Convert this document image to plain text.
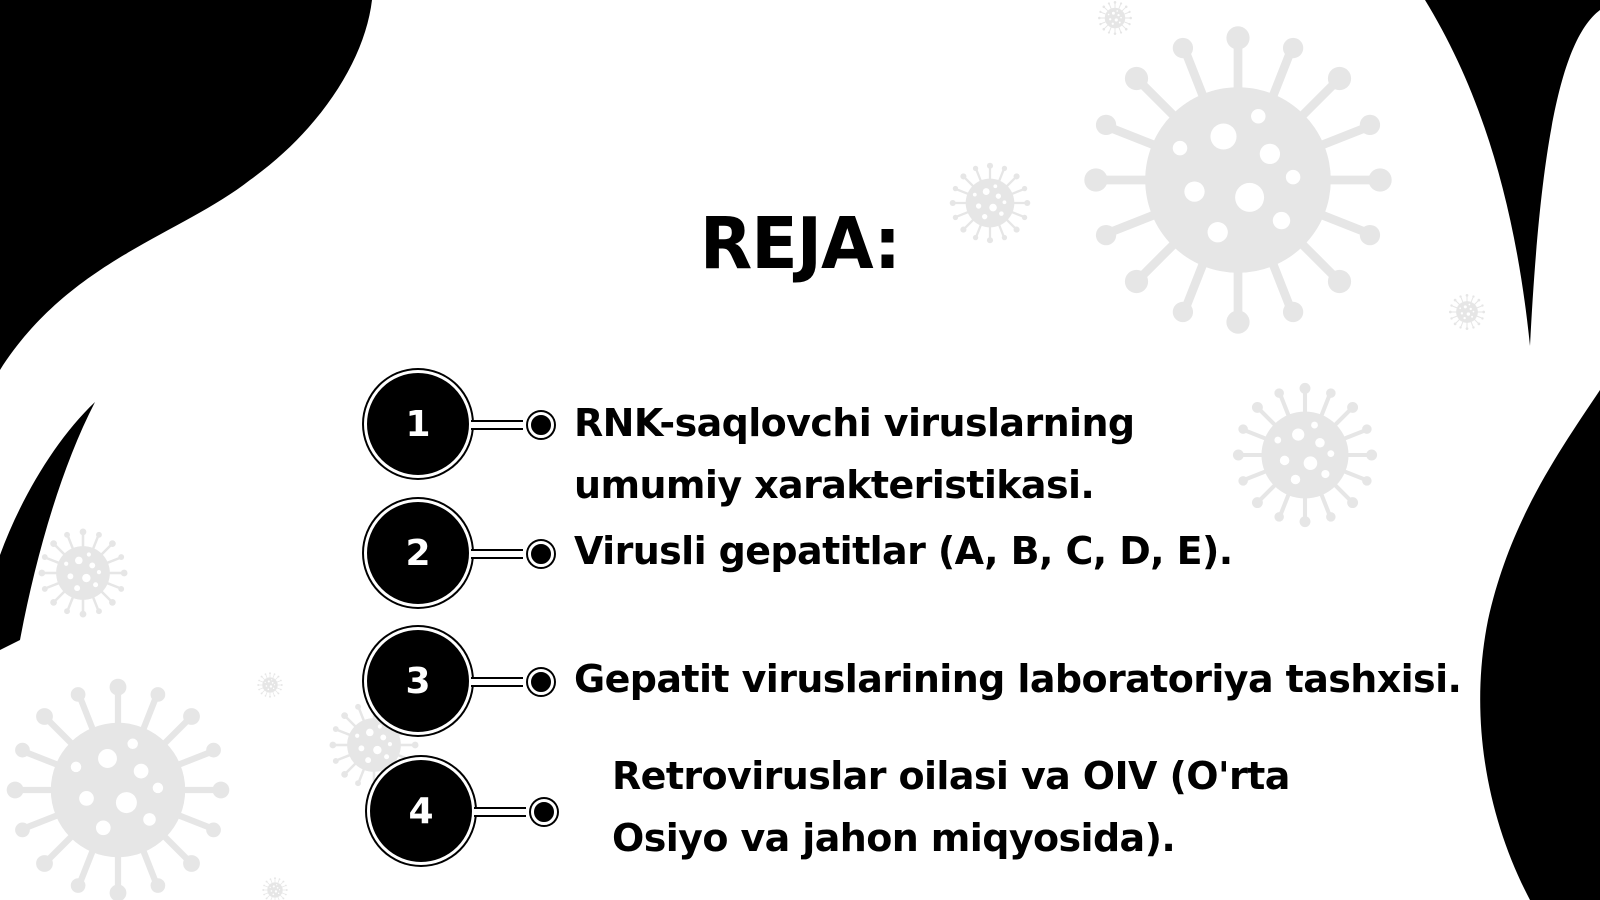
REJA:
1	RNK-saqlovchi viruslarning
umumiy xarakteristikasi.
2	Virusli gepatitlar (A, B, C, D, E).
3	Gepatit viruslarining laboratoriya tashxisi.
4
Retroviruslar oilasi va OIV (O'rta
Osiyo va jahon miqyosida).
